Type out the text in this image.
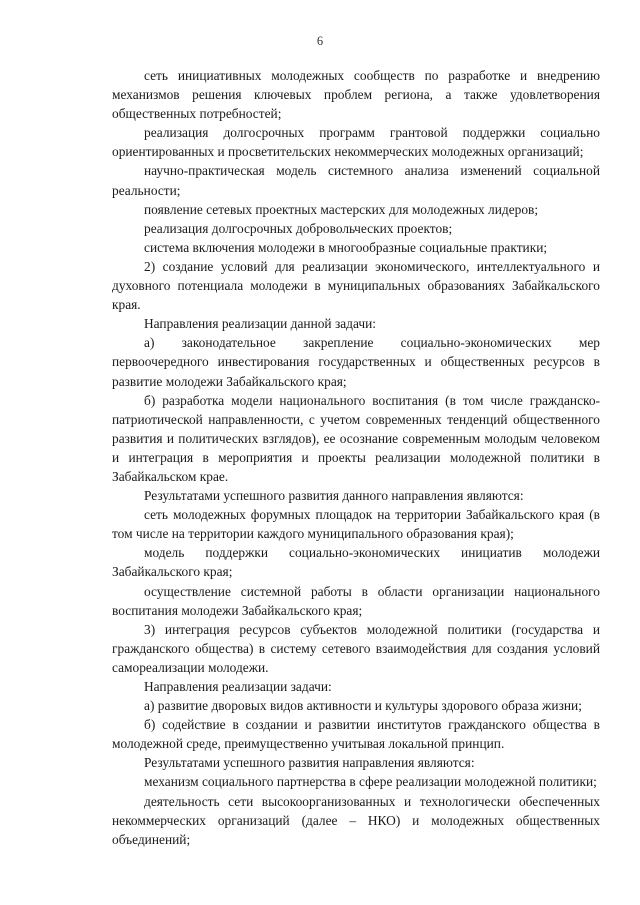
6

сеть инициативных молодежных сообществ по разработке и внедрению механизмов решения ключевых проблем региона, а также удовлетворения общественных потребностей;

реализация долгосрочных программ грантовой поддержки социально ориентированных и просветительских некоммерческих молодежных организаций;

научно-практическая модель системного анализа изменений социальной реальности;

появление сетевых проектных мастерских для молодежных лидеров;

реализация долгосрочных добровольческих проектов;

система включения молодежи в многообразные социальные практики;

2) создание условий для реализации экономического, интеллектуального и духовного потенциала молодежи в муниципальных образованиях Забайкальского края.

Направления реализации данной задачи:

а) законодательное закрепление социально-экономических мер первоочередного инвестирования государственных и общественных ресурсов в развитие молодежи Забайкальского края;

б) разработка модели национального воспитания (в том числе гражданско-патриотической направленности, с учетом современных тенденций общественного развития и политических взглядов), ее осознание современным молодым человеком и интеграция в мероприятия и проекты реализации молодежной политики в Забайкальском крае.

Результатами успешного развития данного направления являются:

сеть молодежных форумных площадок на территории Забайкальского края (в том числе на территории каждого муниципального образования края);

модель поддержки социально-экономических инициатив молодежи Забайкальского края;

осуществление системной работы в области организации национального воспитания молодежи Забайкальского края;

3) интеграция ресурсов субъектов молодежной политики (государства и гражданского общества) в систему сетевого взаимодействия для создания условий самореализации молодежи.

Направления реализации задачи:

а) развитие дворовых видов активности и культуры здорового образа жизни;

б) содействие в создании и развитии институтов гражданского общества в молодежной среде, преимущественно учитывая локальной принцип.

Результатами успешного развития направления являются:

механизм социального партнерства в сфере реализации молодежной политики;

деятельность сети высокоорганизованных и технологически обеспеченных некоммерческих организаций (далее – НКО) и молодежных общественных объединений;
